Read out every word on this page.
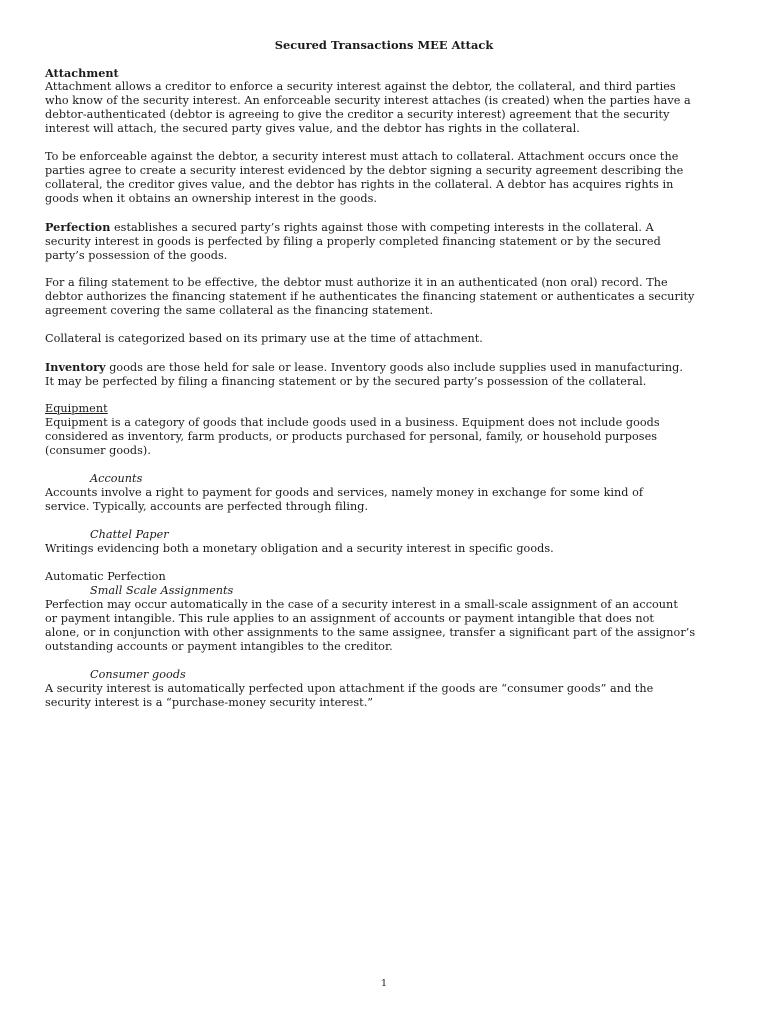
Secured Transactions MEE Attack
Attachment
Attachment allows a creditor to enforce a security interest against the debtor, the collateral, and third parties
who know of the security interest. An enforceable security interest attaches (is created) when the parties have a
debtor-authenticated (debtor is agreeing to give the creditor a security interest) agreement that the security
interest will attach, the secured party gives value, and the debtor has rights in the collateral.
To be enforceable against the debtor, a security interest must attach to collateral. Attachment occurs once the
parties agree to create a security interest evidenced by the debtor signing a security agreement describing the
collateral, the creditor gives value, and the debtor has rights in the collateral. A debtor has acquires rights in
goods when it obtains an ownership interest in the goods.
Perfection establishes a secured party’s rights against those with competing interests in the collateral. A
security interest in goods is perfected by filing a properly completed financing statement or by the secured
party’s possession of the goods.
For a filing statement to be effective, the debtor must authorize it in an authenticated (non oral) record. The
debtor authorizes the financing statement if he authenticates the financing statement or authenticates a security
agreement covering the same collateral as the financing statement.
Collateral is categorized based on its primary use at the time of attachment.
Inventory goods are those held for sale or lease. Inventory goods also include supplies used in manufacturing.
It may be perfected by filing a financing statement or by the secured party’s possession of the collateral.
Equipment
Equipment is a category of goods that include goods used in a business. Equipment does not include goods
considered as inventory, farm products, or products purchased for personal, family, or household purposes
(consumer goods).
Accounts
Accounts involve a right to payment for goods and services, namely money in exchange for some kind of
service. Typically, accounts are perfected through filing.
Chattel Paper
Writings evidencing both a monetary obligation and a security interest in specific goods.
Automatic Perfection
Small Scale Assignments
Perfection may occur automatically in the case of a security interest in a small-scale assignment of an account
or payment intangible. This rule applies to an assignment of accounts or payment intangible that does not
alone, or in conjunction with other assignments to the same assignee, transfer a significant part of the assignor’s
outstanding accounts or payment intangibles to the creditor.
Consumer goods
A security interest is automatically perfected upon attachment if the goods are “consumer goods” and the
security interest is a “purchase-money security interest.”
1
